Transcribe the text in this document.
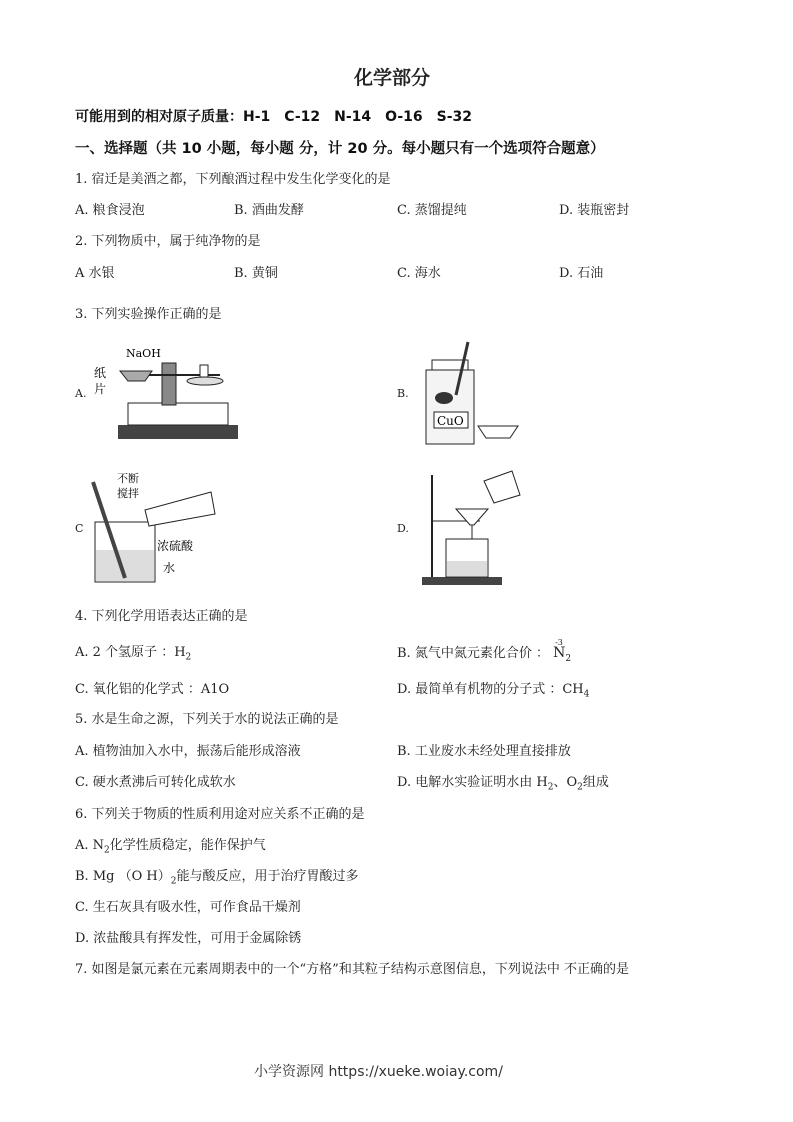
化学部分
可能用到的相对原子质量：H-1　C-12　N-14　O-16　S-32
一、选择题（共 10 小题，每小题 分，计 20 分。每小题只有一个选项符合题意）
1. 宿迁是美酒之都，下列酿酒过程中发生化学变化的是
A. 粮食浸泡	B. 酒曲发酵	C. 蒸馏提纯	D. 装瓶密封
2. 下列物质中，属于纯净物的是
A 水银	B. 黄铜	C. 海水	D. 石油
3. 下列实验操作正确的是
A.	B.
C	D.
NaOH
纸
片
CuO
不断
搅拌
浓硫酸
水
4. 下列化学用语表达正确的是
A. 2 个氢原子 ：$H_2$	B. 氮气中氮元素化合价 ：
-3
$N_2$
C. 氧化铝的化学式 ：A1O	D. 最简单有机物的分子式 ：$CH_4$
5. 水是生命之源，下列关于水的说法正确的是
A. 植物油加入水中，振荡后能形成溶液	B. 工业废水未经处理直接排放
C. 硬水煮沸后可转化成软水	D. 电解水实验证明水由 $H_2$、$O_2$组成
6. 下列关于物质的性质利用途对应关系不正确的是
A. $N_2$化学性质稳定，能作保护气
B. Mg （O $H)_2$能与酸反应，用于治疗胃酸过多
C. 生石灰具有吸水性，可作食品干燥剂
D. 浓盐酸具有挥发性，可用于金属除锈
7. 如图是氯元素在元素周期表中的一个“方格”和其粒子结构示意图信息，下列说法中 不正确的是
小学资源网 https://xueke.woiay.com/
